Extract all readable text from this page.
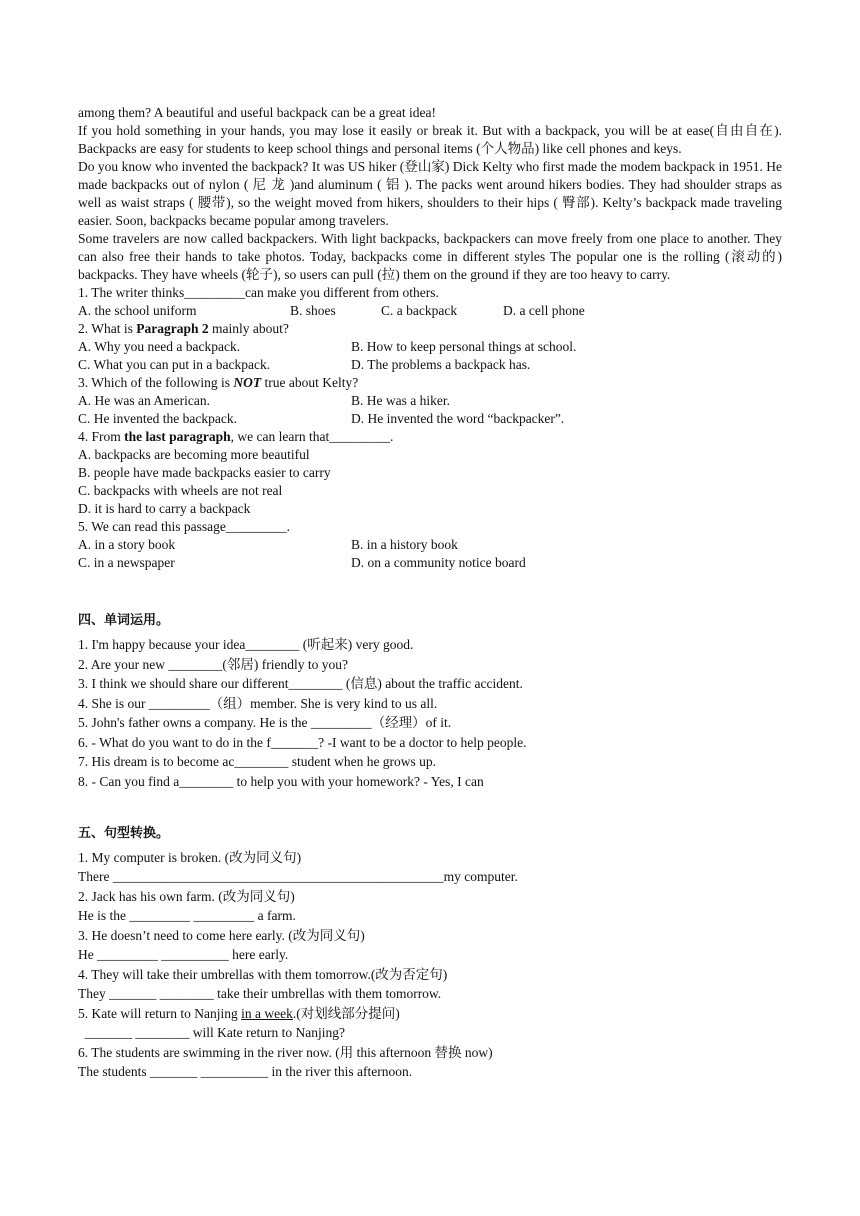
among them? A beautiful and useful backpack can be a great idea!

If you hold something in your hands, you may lose it easily or break it. But with a backpack, you will be at ease(自由自在). Backpacks are easy for students to keep school things and personal items (个人物品) like cell phones and keys.

Do you know who invented the backpack? It was US hiker (登山家) Dick Kelty who first made the modem backpack in 1951. He made backpacks out of nylon ( 尼 龙 )and aluminum ( 铝 ). The packs went around hikers bodies. They had shoulder straps as well as waist straps ( 腰带), so the weight moved from hikers, shoulders to their hips ( 臀部). Kelty’s backpack made traveling easier. Soon, backpacks became popular among travelers.

Some travelers are now called backpackers. With light backpacks, backpackers can move freely from one place to another. They can also free their hands to take photos. Today, backpacks come in different styles The popular one is the rolling (滚动的) backpacks. They have wheels (轮子), so users can pull (拉) them on the ground if they are too heavy to carry.

1. The writer thinks_________can make you different from others.

A. the school uniform	B. shoes	C. a backpack	D. a cell phone

2. What is Paragraph 2 mainly about?

A. Why you need a backpack.	B. How to keep personal things at school.
C. What you can put in a backpack.	D. The problems a backpack has.

3. Which of the following is NOT true about Kelty?

A. He was an American.	B. He was a hiker.
C. He invented the backpack.	D. He invented the word “backpacker”.

4. From the last paragraph, we can learn that_________.

A. backpacks are becoming more beautiful

B. people have made backpacks easier to carry

C. backpacks with wheels are not real

D. it is hard to carry a backpack

5. We can read this passage_________.

A. in a story book	B. in a history book
C. in a newspaper	D. on a community notice board

四、单词运用。

1. I'm happy because your idea________ (听起来) very good.

2. Are your new ________(邻居) friendly to you?

3. I think we should share our different________ (信息) about the traffic accident.

4. She is our _________（组）member. She is very kind to us all.

5. John's father owns a company. He is the _________（经理）of it.

6. - What do you want to do in the f_______? -I want to be a doctor to help people.

7. His dream is to become ac________ student when he grows up.

8. - Can you find a________ to help you with your homework? - Yes, I can

五、句型转换。

1. My computer is broken. (改为同义句)

There _________________________________________________my computer.

2. Jack has his own farm. (改为同义句)

He is the _________ _________ a farm.

3. He doesn’t need to come here early. (改为同义句)

He _________ __________ here early.

4. They will take their umbrellas with them tomorrow.(改为否定句)

They _______ ________ take their umbrellas with them tomorrow.

5. Kate will return to Nanjing in a week.(对划线部分提问)

_______ ________ will Kate return to Nanjing?

6. The students are swimming in the river now. (用 this afternoon 替换 now)

The students _______ __________ in the river this afternoon.
